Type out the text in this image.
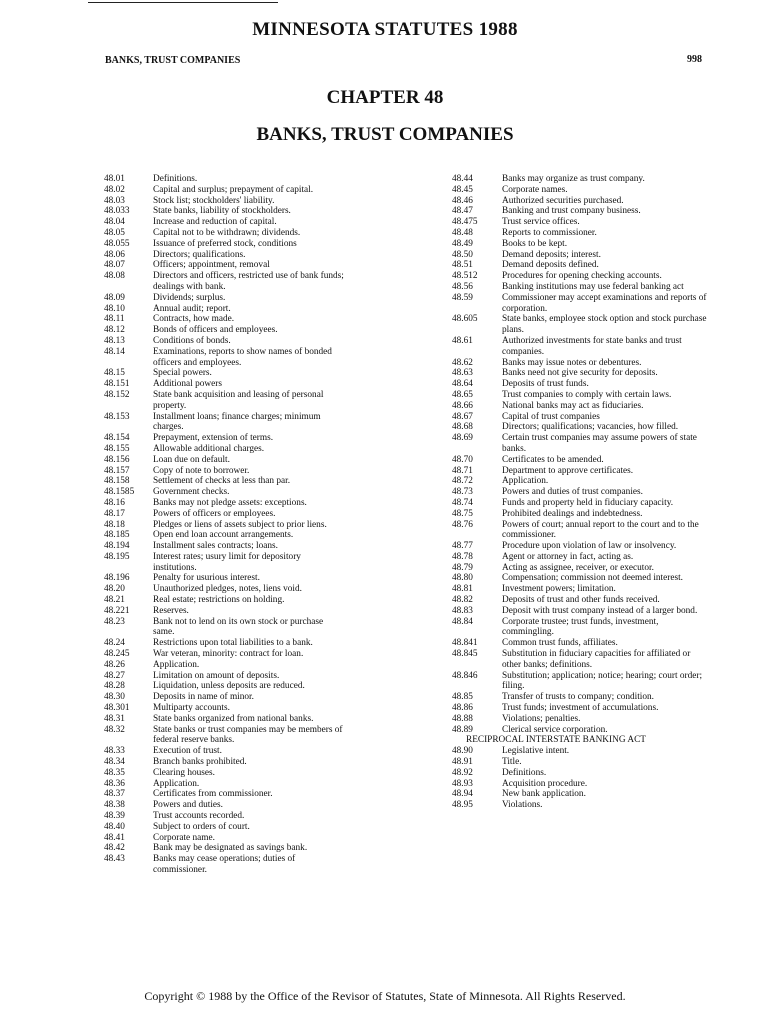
MINNESOTA STATUTES 1988
BANKS, TRUST COMPANIES	998
CHAPTER 48
BANKS, TRUST COMPANIES
48.01	Definitions.
48.02	Capital and surplus; prepayment of capital.
48.03	Stock list; stockholders' liability.
48.033	State banks, liability of stockholders.
48.04	Increase and reduction of capital.
48.05	Capital not to be withdrawn; dividends.
48.055	Issuance of preferred stock, conditions
48.06	Directors; qualifications.
48.07	Officers; appointment, removal
48.08	Directors and officers, restricted use of bank funds; dealings with bank.
48.09	Dividends; surplus.
48.10	Annual audit; report.
48.11	Contracts, how made.
48.12	Bonds of officers and employees.
48.13	Conditions of bonds.
48.14	Examinations, reports to show names of bonded officers and employees.
48.15	Special powers.
48.151	Additional powers
48.152	State bank acquisition and leasing of personal property.
48.153	Installment loans; finance charges; minimum charges.
48.154	Prepayment, extension of terms.
48.155	Allowable additional charges.
48.156	Loan due on default.
48.157	Copy of note to borrower.
48.158	Settlement of checks at less than par.
48.1585	Government checks.
48.16	Banks may not pledge assets: exceptions.
48.17	Powers of officers or employees.
48.18	Pledges or liens of assets subject to prior liens.
48.185	Open end loan account arrangements.
48.194	Installment sales contracts; loans.
48.195	Interest rates; usury limit for depository institutions.
48.196	Penalty for usurious interest.
48.20	Unauthorized pledges, notes, liens void.
48.21	Real estate; restrictions on holding.
48.221	Reserves.
48.23	Bank not to lend on its own stock or purchase same.
48.24	Restrictions upon total liabilities to a bank.
48.245	War veteran, minority: contract for loan.
48.26	Application.
48.27	Limitation on amount of deposits.
48.28	Liquidation, unless deposits are reduced.
48.30	Deposits in name of minor.
48.301	Multiparty accounts.
48.31	State banks organized from national banks.
48.32	State banks or trust companies may be members of federal reserve banks.
48.33	Execution of trust.
48.34	Branch banks prohibited.
48.35	Clearing houses.
48.36	Application.
48.37	Certificates from commissioner.
48.38	Powers and duties.
48.39	Trust accounts recorded.
48.40	Subject to orders of court.
48.41	Corporate name.
48.42	Bank may be designated as savings bank.
48.43	Banks may cease operations; duties of commissioner.
48.44	Banks may organize as trust company.
48.45	Corporate names.
48.46	Authorized securities purchased.
48.47	Banking and trust company business.
48.475	Trust service offices.
48.48	Reports to commissioner.
48.49	Books to be kept.
48.50	Demand deposits; interest.
48.51	Demand deposits defined.
48.512	Procedures for opening checking accounts.
48.56	Banking institutions may use federal banking act
48.59	Commissioner may accept examinations and reports of corporation.
48.605	State banks, employee stock option and stock purchase plans.
48.61	Authorized investments for state banks and trust companies.
48.62	Banks may issue notes or debentures.
48.63	Banks need not give security for deposits.
48.64	Deposits of trust funds.
48.65	Trust companies to comply with certain laws.
48.66	National banks may act as fiduciaries.
48.67	Capital of trust companies
48.68	Directors; qualifications; vacancies, how filled.
48.69	Certain trust companies may assume powers of state banks.
48.70	Certificates to be amended.
48.71	Department to approve certificates.
48.72	Application.
48.73	Powers and duties of trust companies.
48.74	Funds and property held in fiduciary capacity.
48.75	Prohibited dealings and indebtedness.
48.76	Powers of court; annual report to the court and to the commissioner.
48.77	Procedure upon violation of law or insolvency.
48.78	Agent or attorney in fact, acting as.
48.79	Acting as assignee, receiver, or executor.
48.80	Compensation; commission not deemed interest.
48.81	Investment powers; limitation.
48.82	Deposits of trust and other funds received.
48.83	Deposit with trust company instead of a larger bond.
48.84	Corporate trustee; trust funds, investment, commingling.
48.841	Common trust funds, affiliates.
48.845	Substitution in fiduciary capacities for affiliated or other banks; definitions.
48.846	Substitution; application; notice; hearing; court order; filing.
48.85	Transfer of trusts to company; condition.
48.86	Trust funds; investment of accumulations.
48.88	Violations; penalties.
48.89	Clerical service corporation.
RECIPROCAL INTERSTATE BANKING ACT
48.90	Legislative intent.
48.91	Title.
48.92	Definitions.
48.93	Acquisition procedure.
48.94	New bank application.
48.95	Violations.
Copyright © 1988 by the Office of the Revisor of Statutes, State of Minnesota. All Rights Reserved.
